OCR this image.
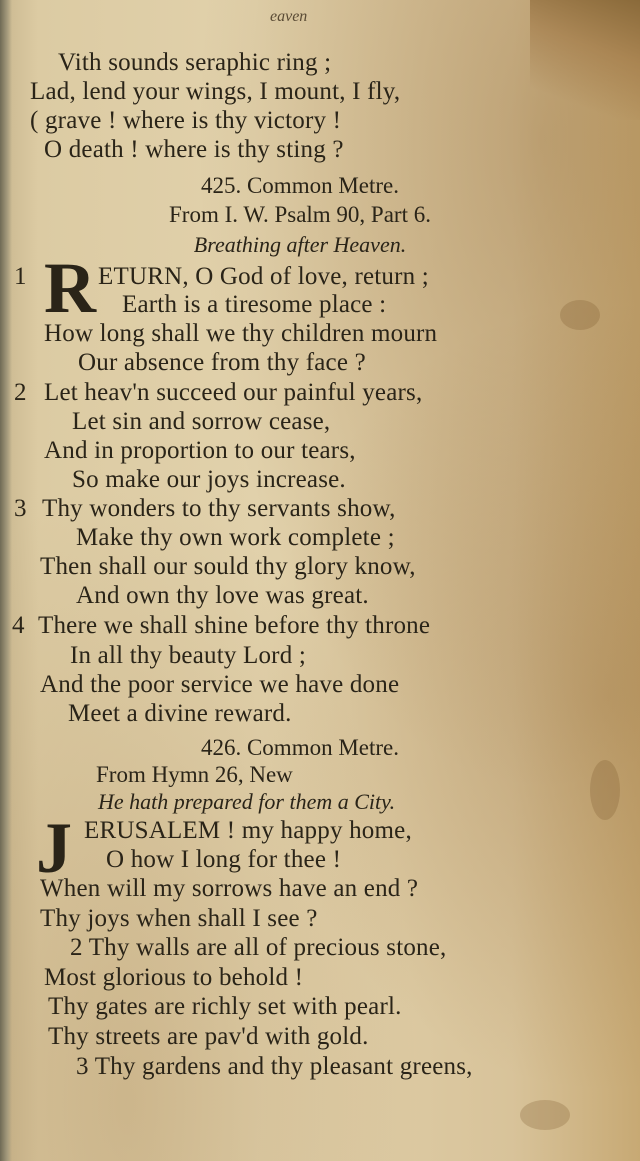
eaven
Vith sounds seraphic ring ;
Lad, lend your wings, I mount, I fly,
( grave ! where is thy victory !
O death ! where is thy sting ?
425. Common Metre.
From I. W. Psalm 90, Part 6.
Breathing after Heaven.
1 R ETURN, O God of love, return ;
Earth is a tiresome place :
How long shall we thy children mourn
Our absence from thy face ?
2 Let heav'n succeed our painful years,
Let sin and sorrow cease,
And in proportion to our tears,
So make our joys increase.
3 Thy wonders to thy servants show,
Make thy own work complete ;
Then shall our sould thy glory know,
And own thy love was great.
4 There we shall shine before thy throne
In all thy beauty Lord ;
And the poor service we have done
Meet a divine reward.
426. Common Metre.
From Hymn 26, New
He hath prepared for them a City.
J ERUSALEM ! my happy home,
O how I long for thee !
When will my sorrows have an end ?
Thy joys when shall I see ?
2 Thy walls are all of precious stone,
Most glorious to behold !
Thy gates are richly set with pearl.
Thy streets are pav'd with gold.
3 Thy gardens and thy pleasant greens,
